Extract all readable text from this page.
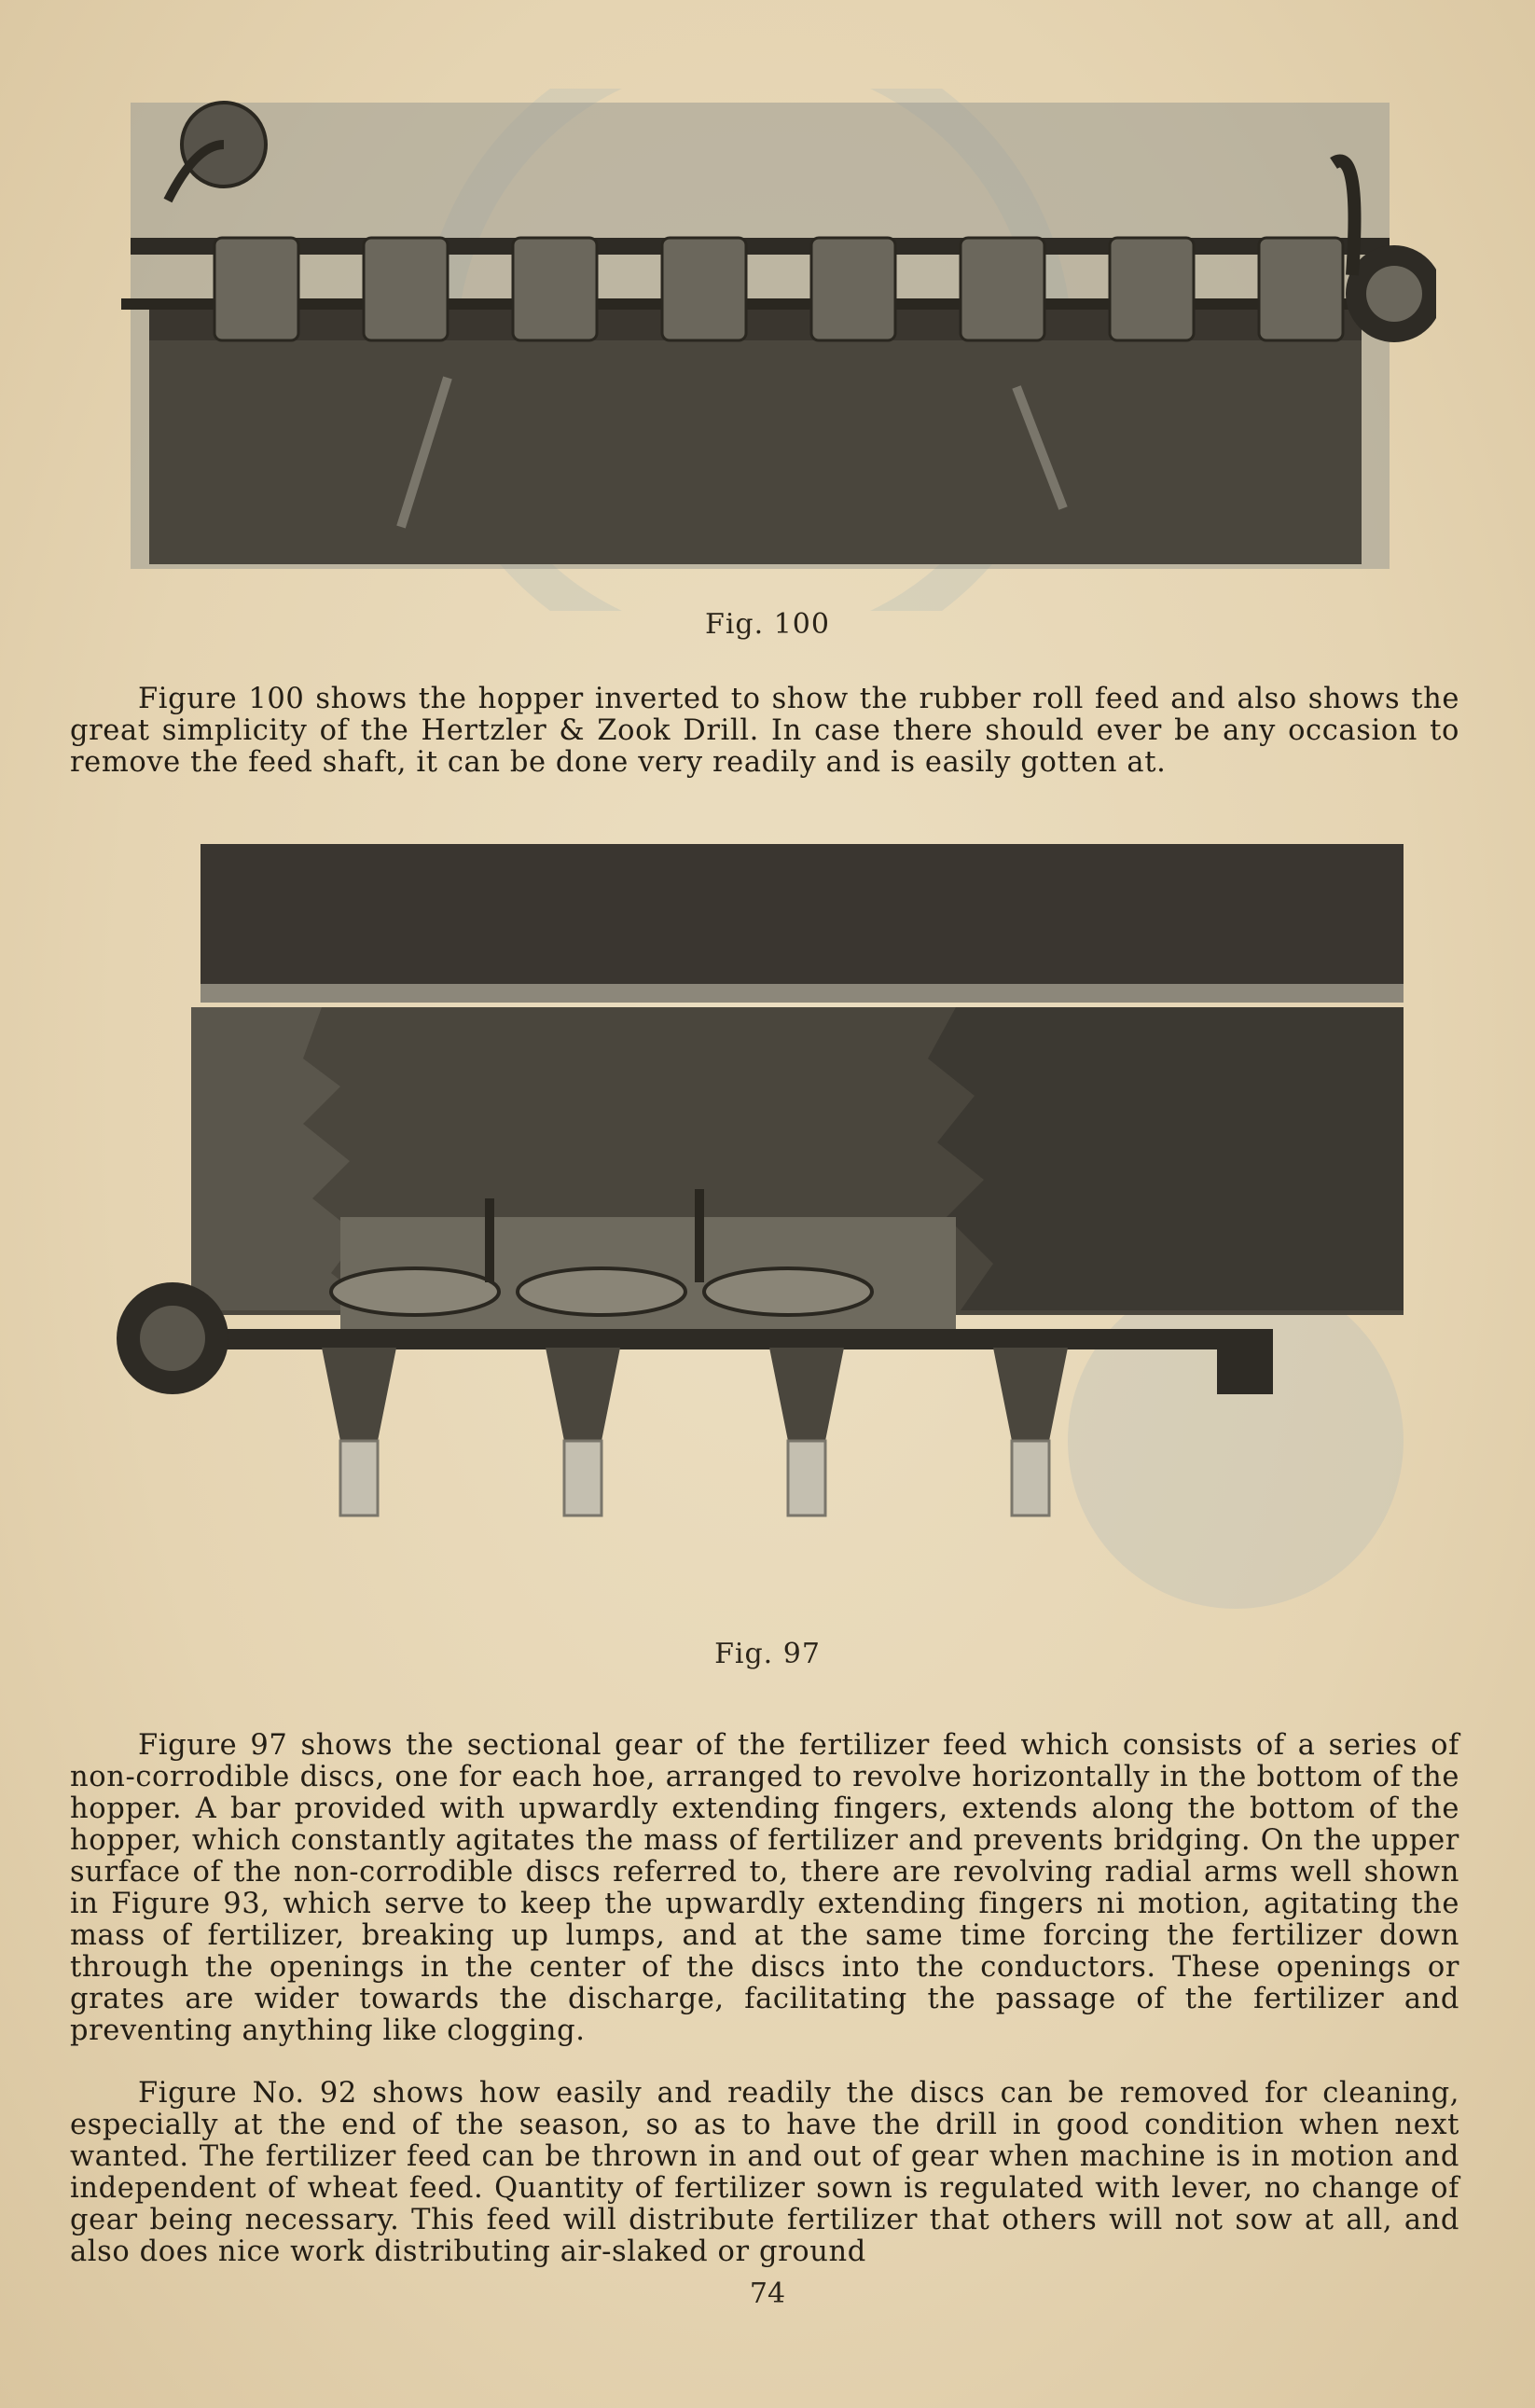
Fig. 100
Figure 100 shows the hopper inverted to show the rubber roll feed and also shows the great simplicity of the Hertzler & Zook Drill. In case there should ever be any occasion to remove the feed shaft, it can be done very readily and is easily gotten at.
Fig. 97
Figure 97 shows the sectional gear of the fertilizer feed which consists of a series of non-corrodible discs, one for each hoe, arranged to revolve horizontally in the bottom of the hopper. A bar provided with upwardly extending fingers, extends along the bottom of the hopper, which constantly agitates the mass of fertilizer and prevents bridging. On the upper surface of the non-corrodible discs referred to, there are revolving radial arms well shown in Figure 93, which serve to keep the upwardly extending fingers ni motion, agitating the mass of fertilizer, breaking up lumps, and at the same time forcing the fertilizer down through the openings in the center of the discs into the conductors. These openings or grates are wider towards the discharge, facilitating the passage of the fertilizer and preventing anything like clogging.
Figure No. 92 shows how easily and readily the discs can be removed for cleaning, especially at the end of the season, so as to have the drill in good condition when next wanted. The fertilizer feed can be thrown in and out of gear when machine is in motion and independent of wheat feed. Quantity of fertilizer sown is regulated with lever, no change of gear being necessary. This feed will distribute fertilizer that others will not sow at all, and also does nice work distributing air-slaked or ground
74
